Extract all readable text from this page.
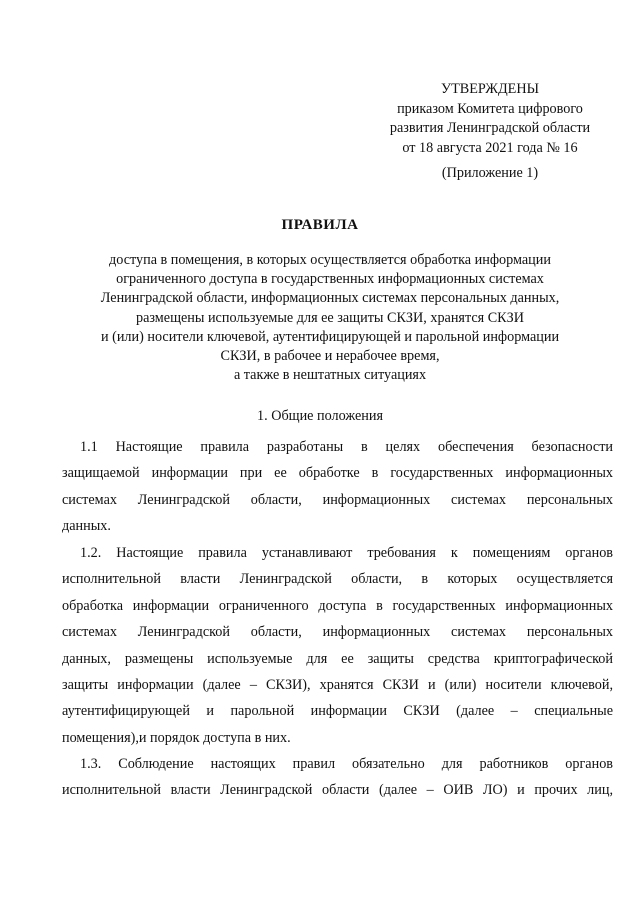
УТВЕРЖДЕНЫ
приказом Комитета цифрового
развития Ленинградской области
от 18 августа 2021 года № 16
(Приложение 1)
ПРАВИЛА
доступа в помещения, в которых осуществляется обработка информации
ограниченного доступа в государственных информационных системах
Ленинградской области, информационных системах персональных данных,
размещены используемые для ее защиты СКЗИ, хранятся СКЗИ
и (или) носители ключевой, аутентифицирующей и парольной информации
СКЗИ, в рабочее и нерабочее время,
а также в нештатных ситуациях
1. Общие положения
1.1 Настоящие правила разработаны в целях обеспечения безопасности
защищаемой информации при ее обработке в государственных информационных
системах Ленинградской области, информационных системах персональных
данных.
1.2. Настоящие правила устанавливают требования к помещениям органов
исполнительной власти Ленинградской области, в которых осуществляется
обработка информации ограниченного доступа в государственных информационных
системах Ленинградской области, информационных системах персональных
данных, размещены используемые для ее защиты средства криптографической
защиты информации (далее – СКЗИ), хранятся СКЗИ и (или) носители ключевой,
аутентифицирующей и парольной информации СКЗИ (далее – специальные
помещения),и порядок доступа в них.
1.3. Соблюдение настоящих правил обязательно для работников органов
исполнительной власти Ленинградской области (далее – ОИВ ЛО) и прочих лиц,
